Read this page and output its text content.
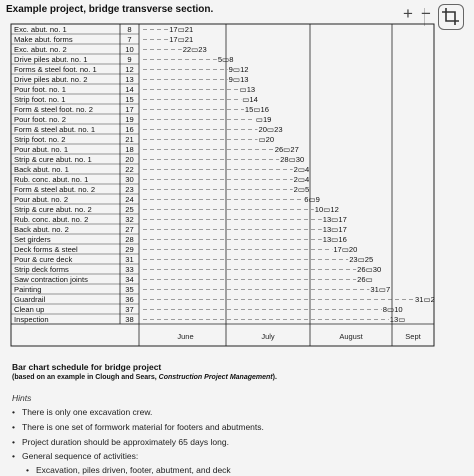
Example project, bridge transverse section.	+ −
June	July	August	Sept
Exc. abut. no. 1	8	17▭21
Make abut. forms	7	17▭21
Exc. abut. no. 2	10	22▭23
Drive piles abut. no. 1	9	5▭8
Forms & steel foot. no. 1	12	9▭12
Drive piles abut. no. 2	13	9▭13
Pour foot. no. 1	14	▭13
Strip foot. no. 1	15	▭14
Form & steel foot. no. 2	17	15▭16
Pour foot. no. 2	19	▭19
Form & steel abut. no. 1	16	20▭23
Strip foot. no. 2	21	▭20
Pour abut. no. 1	18	26▭27
Strip & cure abut. no. 1	20	28▭30
Back abut. no. 1	22	2▭4
Rub. conc. abut. no. 1	30	2▭4
Form & steel abut. no. 2	23	2▭5
Pour abut. no. 2	24	6▭9
Strip & cure abut. no. 2	25	10▭12
Rub. conc. abut. no. 2	32	13▭17
Back abut. no. 2	27	13▭17
Set girders	28	13▭16
Deck forms & steel	29	17▭20
Pour & cure deck	31	23▭25
Strip deck forms	33	26▭30
Saw contraction joints	34	26▭
Painting	35	31▭7
Guardrail	36	31▭2
Clean up	37	8▭10
Inspection	38	13▭
Bar chart schedule for bridge project
(based on an example in Clough and Sears, Construction Project Management).
Hints
• There is only one excavation crew.
• There is one set of formwork material for footers and abutments.
• Project duration should be approximately 65 days long.
• General sequence of activities:
• Excavation, piles driven, footer, abutment, and deck
